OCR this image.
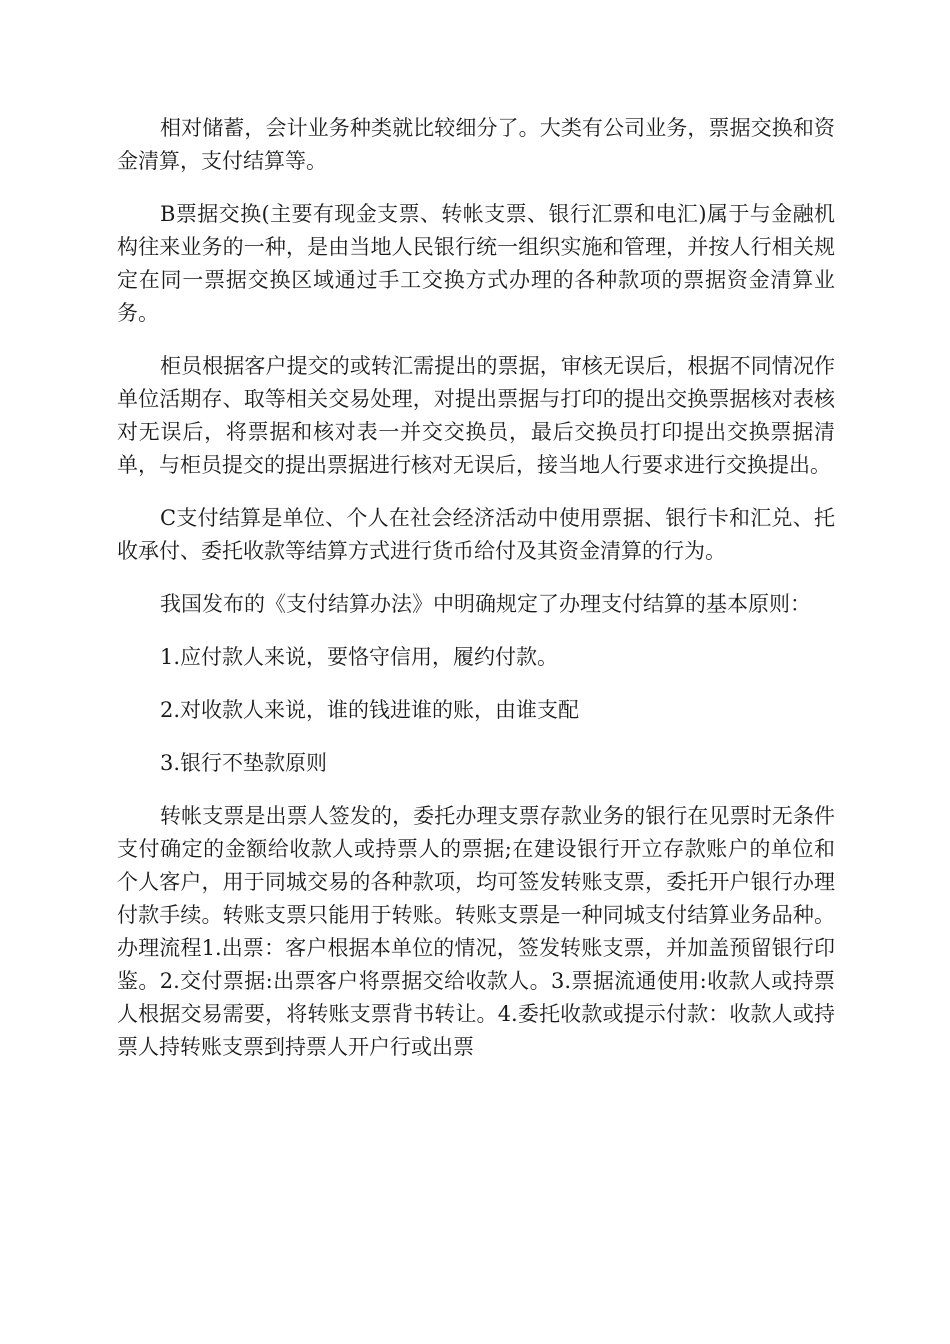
相对储蓄，会计业务种类就比较细分了。大类有公司业务，票据交换和资金清算，支付结算等。

B票据交换(主要有现金支票、转帐支票、银行汇票和电汇)属于与金融机构往来业务的一种，是由当地人民银行统一组织实施和管理，并按人行相关规定在同一票据交换区域通过手工交换方式办理的各种款项的票据资金清算业务。

柜员根据客户提交的或转汇需提出的票据，审核无误后，根据不同情况作单位活期存、取等相关交易处理，对提出票据与打印的提出交换票据核对表核对无误后，将票据和核对表一并交交换员，最后交换员打印提出交换票据清单，与柜员提交的提出票据进行核对无误后，接当地人行要求进行交换提出。

C支付结算是单位、个人在社会经济活动中使用票据、银行卡和汇兑、托收承付、委托收款等结算方式进行货币给付及其资金清算的行为。

我国发布的《支付结算办法》中明确规定了办理支付结算的基本原则：

1.应付款人来说，要恪守信用，履约付款。

2.对收款人来说，谁的钱进谁的账，由谁支配

3.银行不垫款原则

转帐支票是出票人签发的，委托办理支票存款业务的银行在见票时无条件支付确定的金额给收款人或持票人的票据;在建设银行开立存款账户的单位和个人客户，用于同城交易的各种款项，均可签发转账支票，委托开户银行办理付款手续。转账支票只能用于转账。转账支票是一种同城支付结算业务品种。办理流程1.出票：客户根据本单位的情况，签发转账支票，并加盖预留银行印鉴。2.交付票据:出票客户将票据交给收款人。3.票据流通使用:收款人或持票人根据交易需要，将转账支票背书转让。4.委托收款或提示付款：收款人或持票人持转账支票到持票人开户行或出票
